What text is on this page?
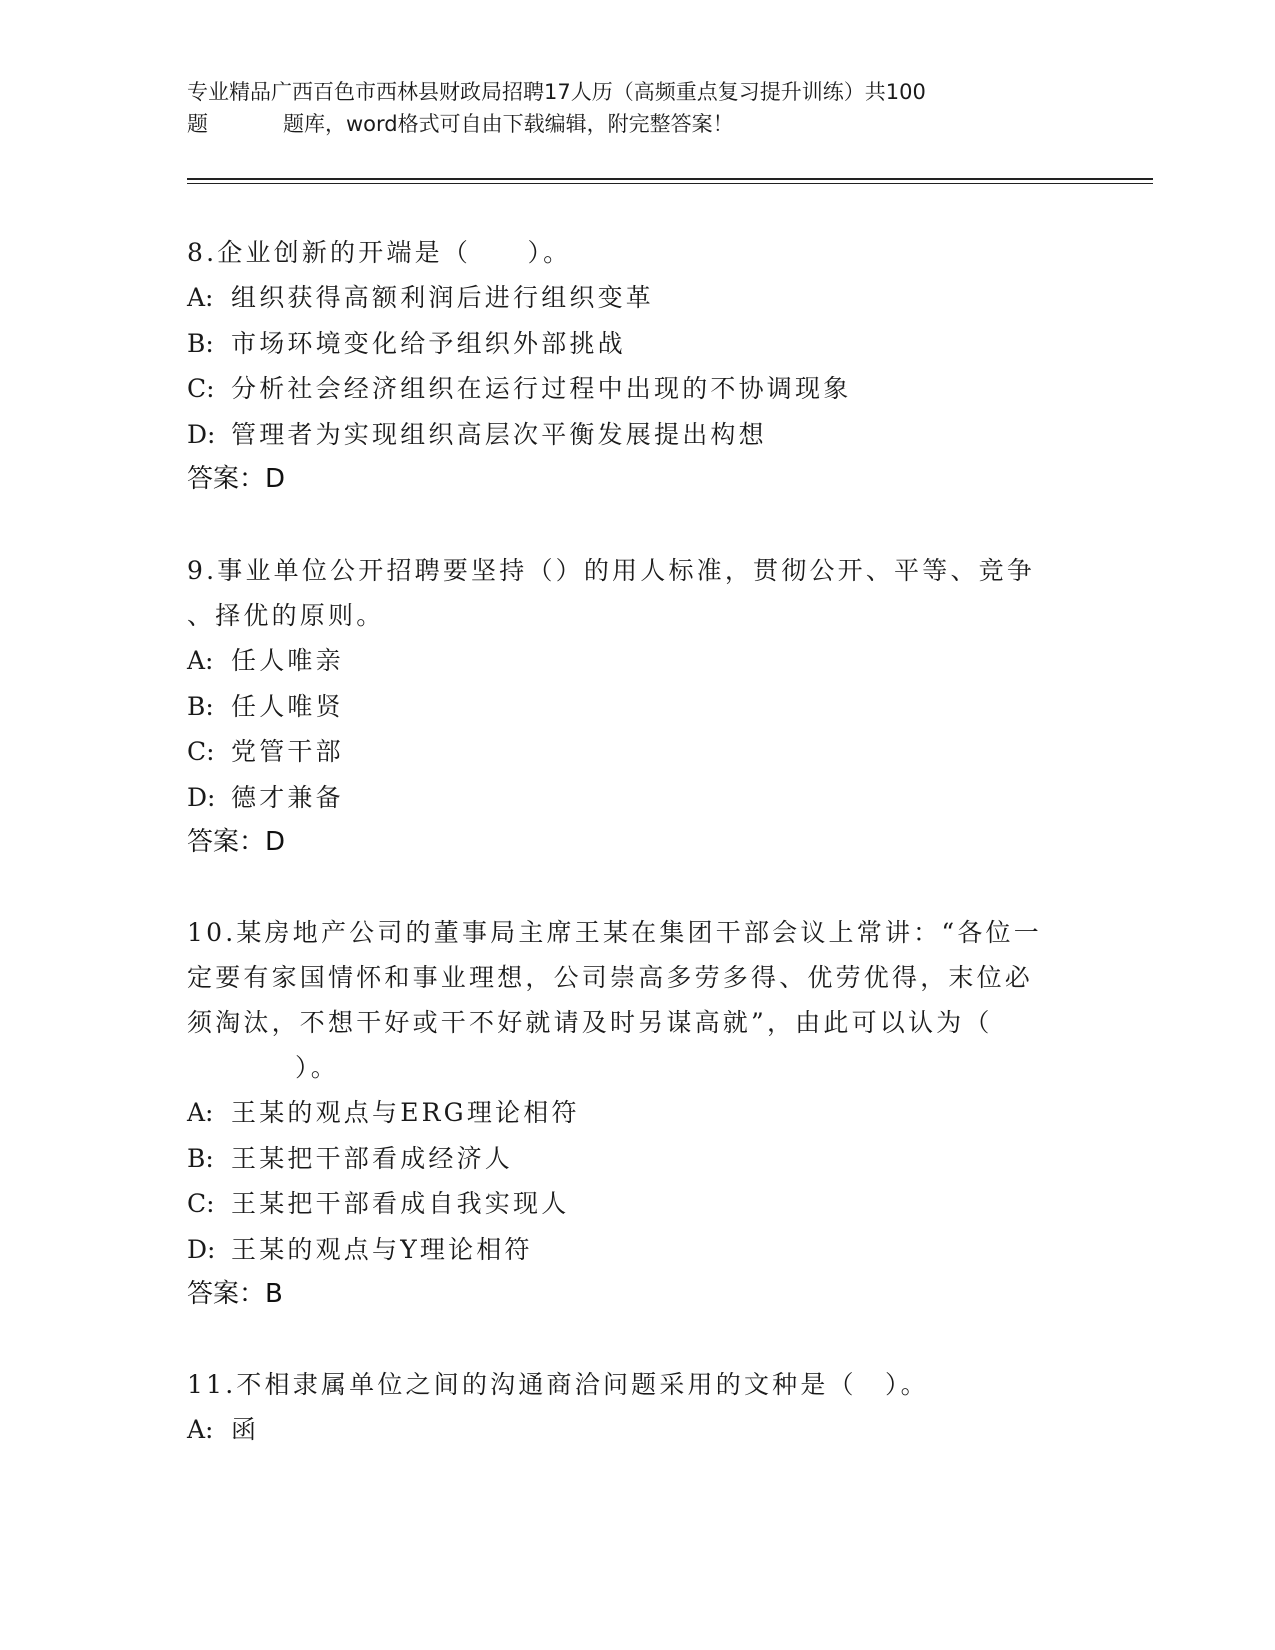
专业精品广西百色市西林县财政局招聘17人历（高频重点复习提升训练）共100
题	题库，word格式可自由下载编辑，附完整答案！

8.企业创新的开端是（　　）。

A: 组织获得高额利润后进行组织变革

B: 市场环境变化给予组织外部挑战

C: 分析社会经济组织在运行过程中出现的不协调现象

D: 管理者为实现组织高层次平衡发展提出构想

答案：D

9.事业单位公开招聘要坚持（）的用人标准，贯彻公开、平等、竞争
、择优的原则。

A: 任人唯亲

B: 任人唯贤

C: 党管干部

D: 德才兼备

答案：D

10.某房地产公司的董事局主席王某在集团干部会议上常讲：“各位一
定要有家国情怀和事业理想，公司崇高多劳多得、优劳优得，末位必
须淘汰，不想干好或干不好就请及时另谋高就”，由此可以认为（
）。

A: 王某的观点与ERG理论相符

B: 王某把干部看成经济人

C: 王某把干部看成自我实现人

D: 王某的观点与Y理论相符

答案：B

11.不相隶属单位之间的沟通商洽问题采用的文种是（　）。

A: 函
